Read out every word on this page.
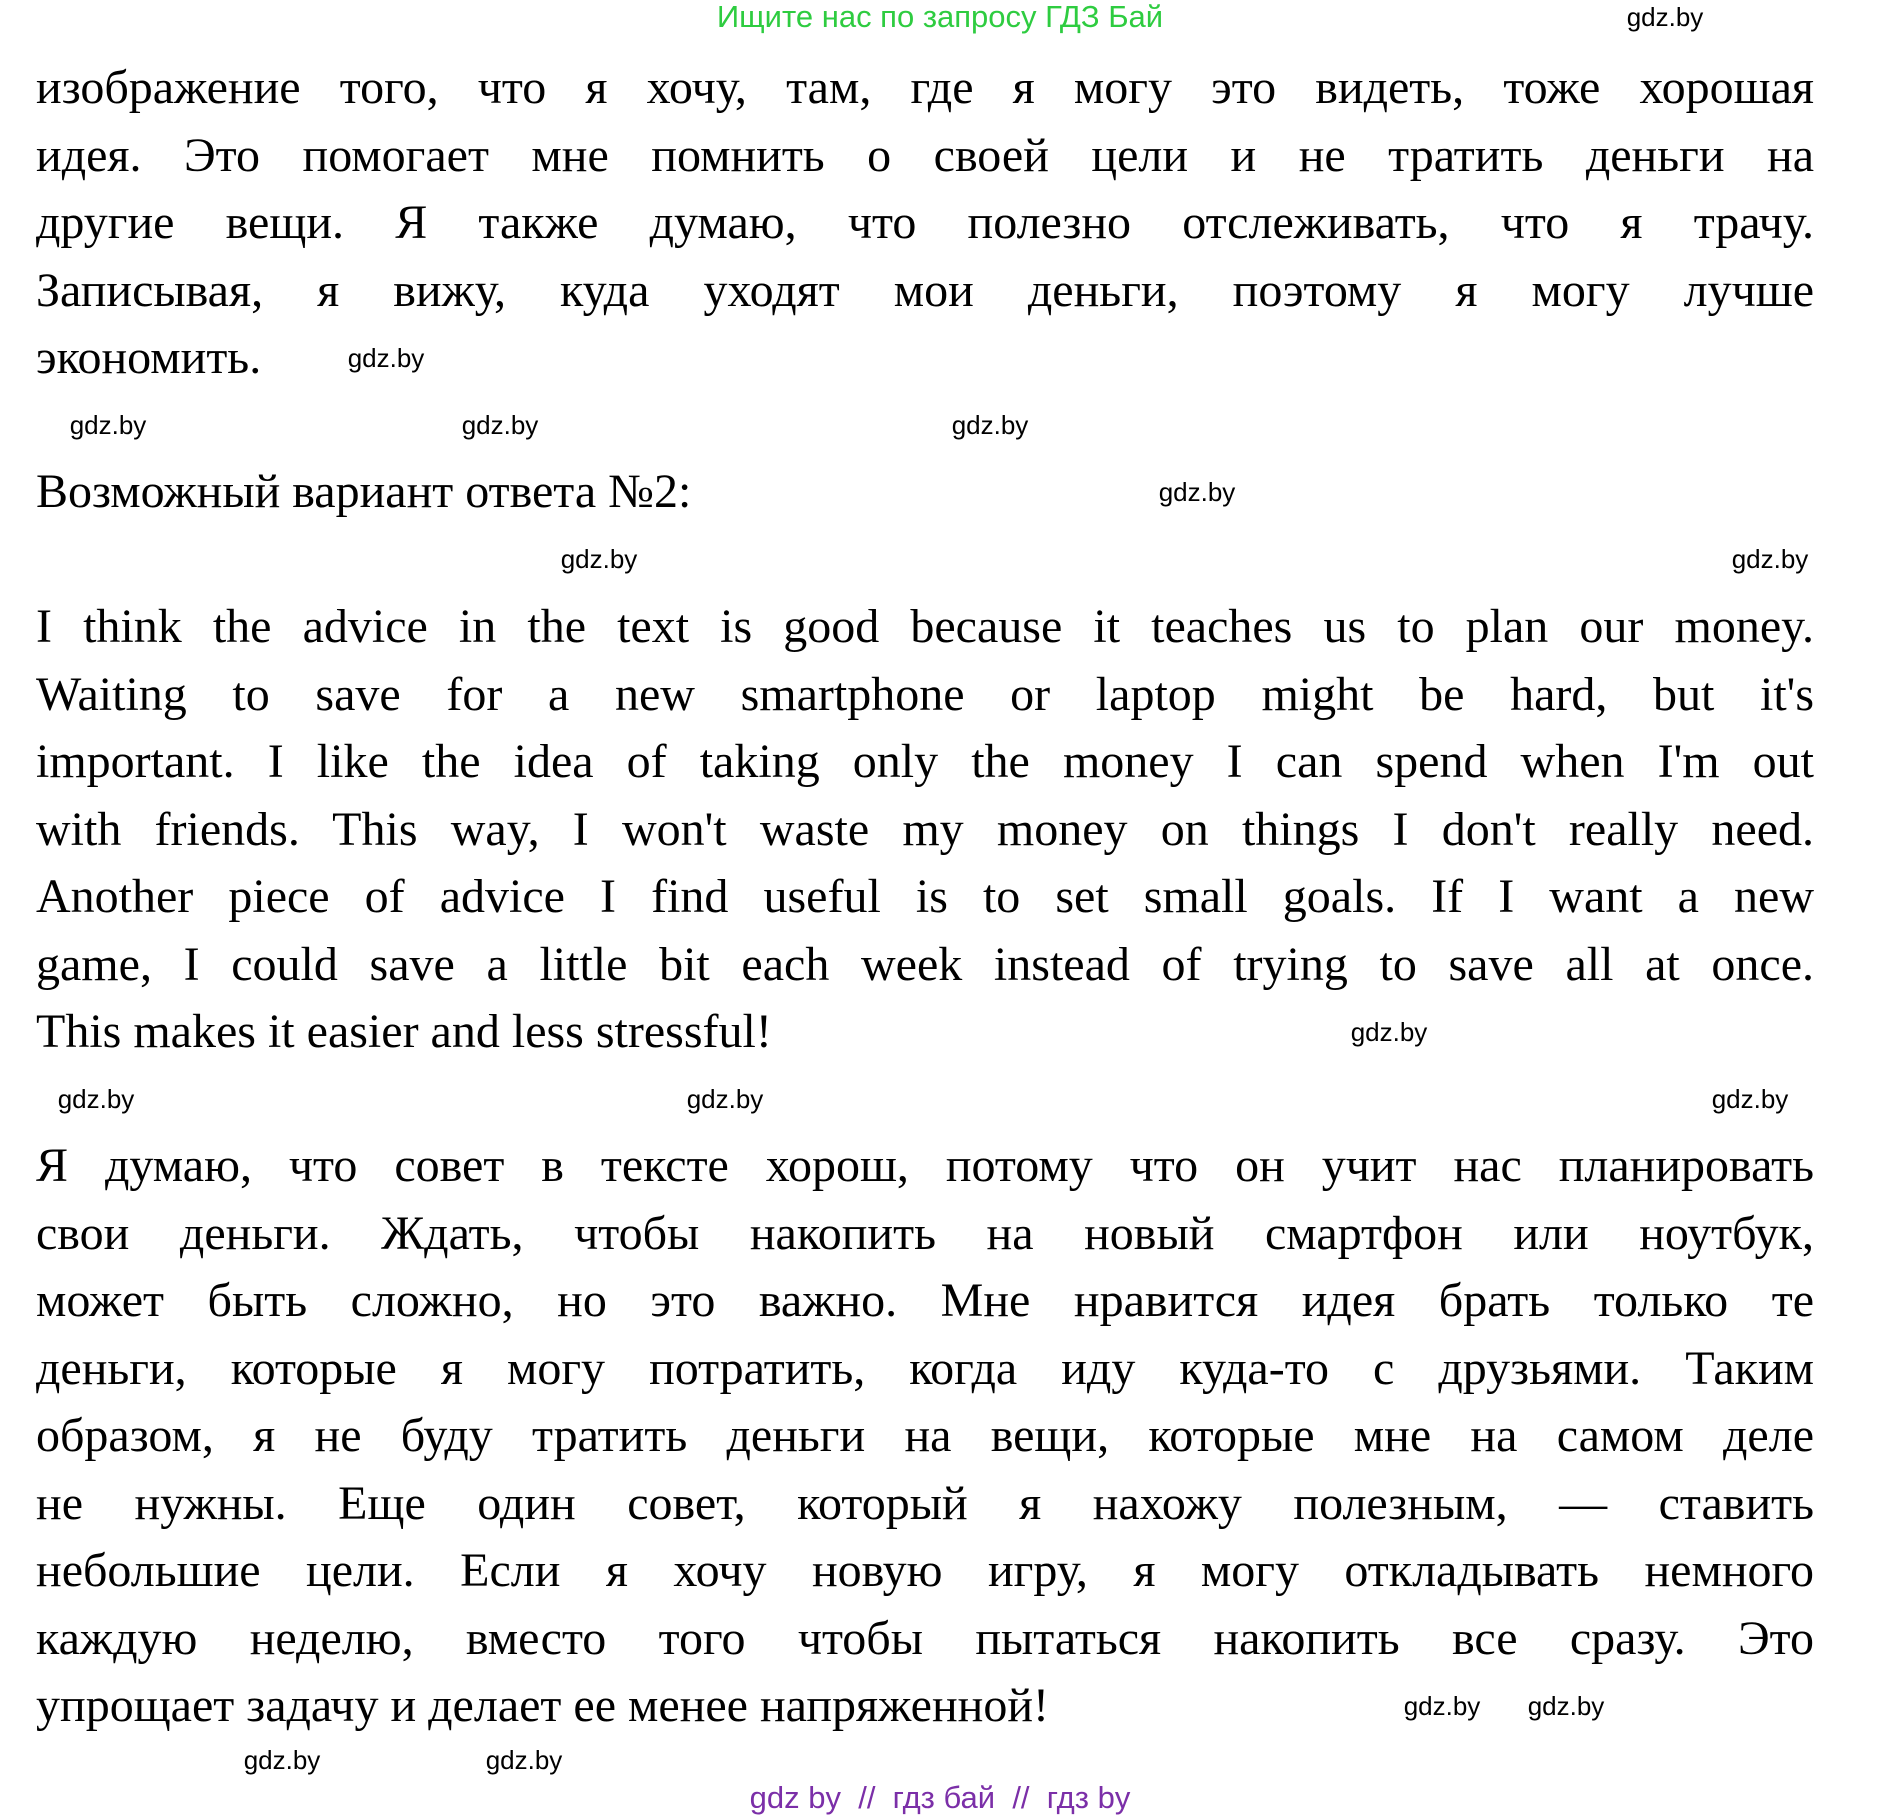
Ищите нас по запросу ГДЗ Бай
изображение того, что я хочу, там, где я могу это видеть, тоже хорошая
идея. Это помогает мне помнить о своей цели и не тратить деньги на
другие вещи. Я также думаю, что полезно отслеживать, что я трачу.
Записывая, я вижу, куда уходят мои деньги, поэтому я могу лучше
экономить.
Возможный вариант ответа №2:
I think the advice in the text is good because it teaches us to plan our money.
Waiting to save for a new smartphone or laptop might be hard, but it's
important. I like the idea of taking only the money I can spend when I'm out
with friends. This way, I won't waste my money on things I don't really need.
Another piece of advice I find useful is to set small goals. If I want a new
game, I could save a little bit each week instead of trying to save all at once.
This makes it easier and less stressful!
Я думаю, что совет в тексте хорош, потому что он учит нас планировать
свои деньги. Ждать, чтобы накопить на новый смартфон или ноутбук,
может быть сложно, но это важно. Мне нравится идея брать только те
деньги, которые я могу потратить, когда иду куда-то с друзьями. Таким
образом, я не буду тратить деньги на вещи, которые мне на самом деле
не нужны. Еще один совет, который я нахожу полезным, — ставить
небольшие цели. Если я хочу новую игру, я могу откладывать немного
каждую неделю, вместо того чтобы пытаться накопить все сразу. Это
упрощает задачу и делает ее менее напряженной!
gdz.by
gdz.by	gdz.by
gdz.by
gdz.by
gdz.by
gdz.by	gdz.by
gdz.by
gdz.by	gdz.by	gdz.by
gdz.by
gdz.by
gdz.by
gdz.by
gdz by  //  гдз бай  //  гдз by
